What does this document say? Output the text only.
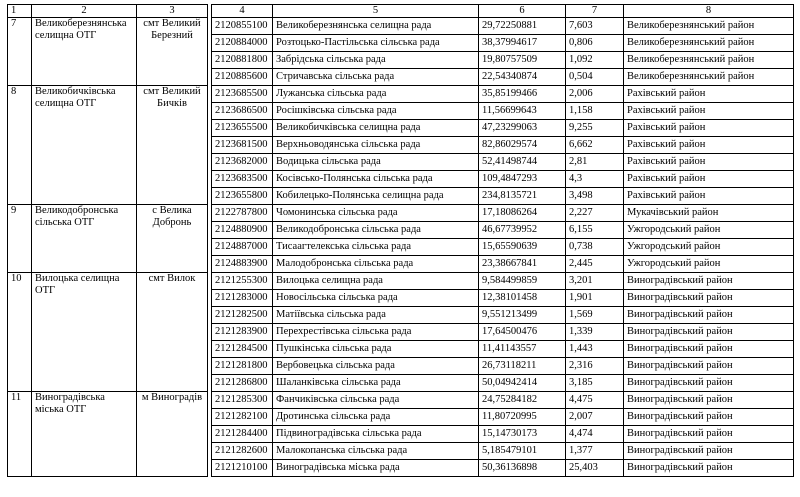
1	2	3
7	Великоберезнянська селищна ОТГ	смт Великий Березний
8	Великобичківська селищна ОТГ	смт Великий Бичків
9	Великодобронська сільська ОТГ	с Велика Добронь
10	Вилоцька селищна ОТГ	смт Вилок
11	Виноградівська міська ОТГ	м Виноградів
4	5	6	7	8
2120855100	Великоберезнянська селищна рада	29,72250881	7,603	Великоберезнянський район
2120884000	Розтоцько-Пастільська сільська рада	38,37994617	0,806	Великоберезнянський район
2120881800	Забрідська сільська рада	19,80757509	1,092	Великоберезнянський район
2120885600	Стричавська сільська рада	22,54340874	0,504	Великоберезнянський район
2123685500	Лужанська сільська рада	35,85199466	2,006	Рахівський район
2123686500	Росішківська сільська рада	11,56699643	1,158	Рахівський район
2123655500	Великобичківська селищна рада	47,23299063	9,255	Рахівський район
2123681500	Верхньоводянська сільська рада	82,86029574	6,662	Рахівський район
2123682000	Водицька сільська рада	52,41498744	2,81	Рахівський район
2123683500	Косівсько-Полянська сільська рада	109,4847293	4,3	Рахівський район
2123655800	Кобилецько-Полянська селищна рада	234,8135721	3,498	Рахівський район
2122787800	Чомонинська сільська рада	17,18086264	2,227	Мукачівський район
2124880900	Великодобронська сільська рада	46,67739952	6,155	Ужгородський район
2124887000	Тисаагтелекська сільська рада	15,65590639	0,738	Ужгородський район
2124883900	Малодобронська сільська рада	23,38667841	2,445	Ужгородський район
2121255300	Вилоцька селищна рада	9,584499859	3,201	Виноградівський район
2121283000	Новосільська сільська рада	12,38101458	1,901	Виноградівський район
2121282500	Матіївська сільська рада	9,551213499	1,569	Виноградівський район
2121283900	Перехрестівська сільська рада	17,64500476	1,339	Виноградівський район
2121284500	Пушкінська сільська рада	11,41143557	1,443	Виноградівський район
2121281800	Вербовецька сільська рада	26,73118211	2,316	Виноградівський район
2121286800	Шаланківська сільська рада	50,04942414	3,185	Виноградівський район
2121285300	Фанчиківська сільська рада	24,75284182	4,475	Виноградівський район
2121282100	Дротинська сільська рада	11,80720995	2,007	Виноградівський район
2121284400	Підвиноградівська сільська рада	15,14730173	4,474	Виноградівський район
2121282600	Малокопанська сільська рада	5,185479101	1,377	Виноградівський район
2121210100	Виноградівська міська рада	50,36136898	25,403	Виноградівський район
